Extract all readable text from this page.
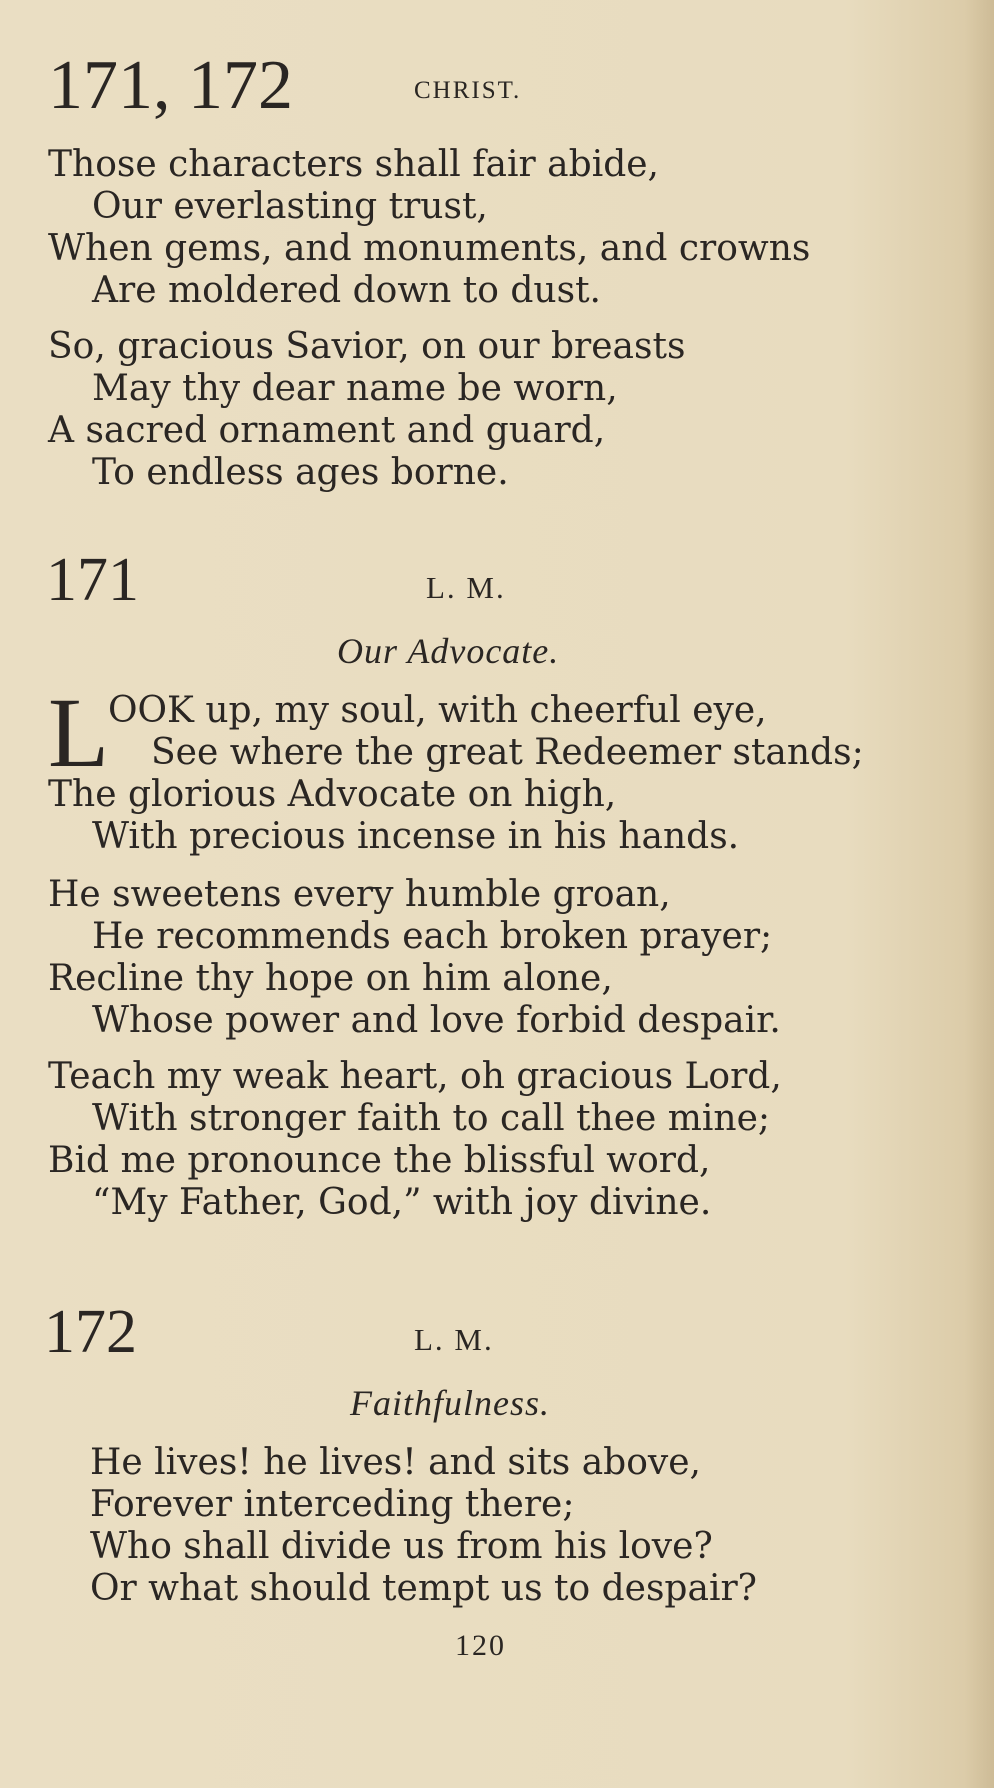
171, 172	CHRIST.
Those characters shall fair abide,
Our everlasting trust,
When gems, and monuments, and crowns
Are moldered down to dust.
So, gracious Savior, on our breasts
May thy dear name be worn,
A sacred ornament and guard,
To endless ages borne.
171	L. M.
Our Advocate.
L
OOK up, my soul, with cheerful eye,
See where the great Redeemer stands;
The glorious Advocate on high,
With precious incense in his hands.
He sweetens every humble groan,
He recommends each broken prayer;
Recline thy hope on him alone,
Whose power and love forbid despair.
Teach my weak heart, oh gracious Lord,
With stronger faith to call thee mine;
Bid me pronounce the blissful word,
“My Father, God,” with joy divine.
172	L. M.
Faithfulness.
He lives! he lives! and sits above,
Forever interceding there;
Who shall divide us from his love?
Or what should tempt us to despair?
120
